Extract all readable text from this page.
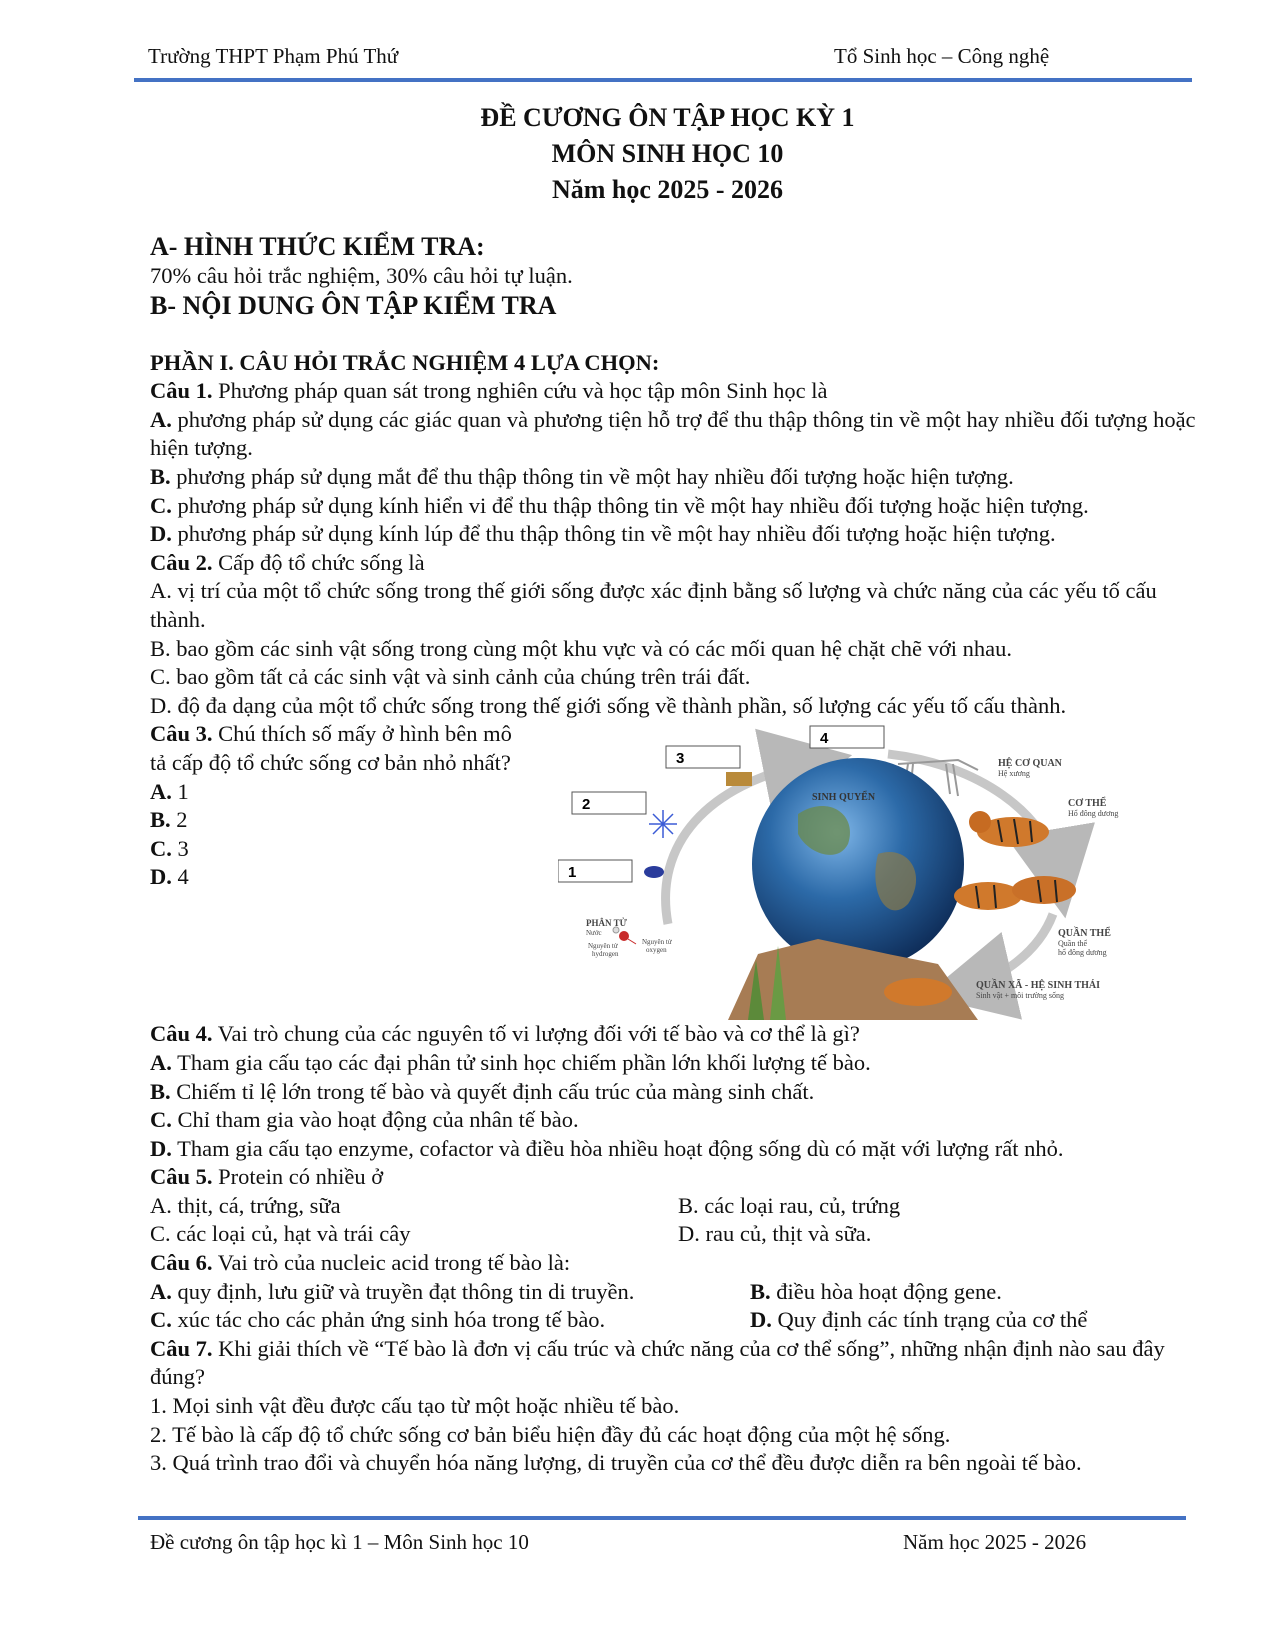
Trường THPT Phạm Phú Thứ	Tổ Sinh học – Công nghệ
ĐỀ CƯƠNG ÔN TẬP HỌC KỲ 1
MÔN SINH HỌC 10
Năm học 2025 - 2026
A- HÌNH THỨC KIỂM TRA:
70% câu hỏi trắc nghiệm, 30% câu hỏi tự luận.
B- NỘI DUNG ÔN TẬP KIỂM TRA
PHẦN I. CÂU HỎI TRẮC NGHIỆM 4 LỰA CHỌN:
Câu 1. Phương pháp quan sát trong nghiên cứu và học tập môn Sinh học là
A. phương pháp sử dụng các giác quan và phương tiện hỗ trợ để thu thập thông tin về một hay nhiều đối tượng hoặc hiện tượng.
B. phương pháp sử dụng mắt để thu thập thông tin về một hay nhiều đối tượng hoặc hiện tượng.
C. phương pháp sử dụng kính hiển vi để thu thập thông tin về một hay nhiều đối tượng hoặc hiện tượng.
D. phương pháp sử dụng kính lúp để thu thập thông tin về một hay nhiều đối tượng hoặc hiện tượng.
Câu 2. Cấp độ tổ chức sống là
A. vị trí của một tổ chức sống trong thế giới sống được xác định bằng số lượng và chức năng của các yếu tố cấu thành.
B. bao gồm các sinh vật sống trong cùng một khu vực và có các mối quan hệ chặt chẽ với nhau.
C. bao gồm tất cả các sinh vật và sinh cảnh của chúng trên trái đất.
D. độ đa dạng của một tổ chức sống trong thế giới sống về thành phần, số lượng các yếu tố cấu thành.
Câu 3. Chú thích số mấy ở hình bên mô tả cấp độ tổ chức sống cơ bản nhỏ nhất?
A. 1
B. 2
C. 3
D. 4	1
2
3
4
SINH QUYỂN
HỆ CƠ QUAN
Hệ xương
CƠ THỂ
Hổ đông dương
QUẦN THỂ
Quần thể
hổ đông dương
QUẦN XÃ - HỆ SINH THÁI
Sinh vật + môi trường sống
PHÂN TỬ
Nước
Nguyên tử
hydrogen
Nguyên tử
oxygen
Câu 4. Vai trò chung của các nguyên tố vi lượng đối với tế bào và cơ thể là gì?
A. Tham gia cấu tạo các đại phân tử sinh học chiếm phần lớn khối lượng tế bào.
B. Chiếm tỉ lệ lớn trong tế bào và quyết định cấu trúc của màng sinh chất.
C. Chỉ tham gia vào hoạt động của nhân tế bào.
D. Tham gia cấu tạo enzyme, cofactor và điều hòa nhiều hoạt động sống dù có mặt với lượng rất nhỏ.
Câu 5. Protein có nhiều ở
A. thịt, cá, trứng, sữa	B. các loại rau, củ, trứng
C. các loại củ, hạt và trái cây	D. rau củ, thịt và sữa.
Câu 6. Vai trò của nucleic acid trong tế bào là:
A. quy định, lưu giữ và truyền đạt thông tin di truyền.	B. điều hòa hoạt động gene.
C. xúc tác cho các phản ứng sinh hóa trong tế bào.	D. Quy định các tính trạng của cơ thể
Câu 7. Khi giải thích về “Tế bào là đơn vị cấu trúc và chức năng của cơ thể sống”, những nhận định nào sau đây đúng?
1. Mọi sinh vật đều được cấu tạo từ một hoặc nhiều tế bào.
2. Tế bào là cấp độ tổ chức sống cơ bản biểu hiện đầy đủ các hoạt động của một hệ sống.
3. Quá trình trao đổi và chuyển hóa năng lượng, di truyền của cơ thể đều được diễn ra bên ngoài tế bào.
Đề cương ôn tập học kì 1 – Môn Sinh học 10	Năm học 2025 - 2026
